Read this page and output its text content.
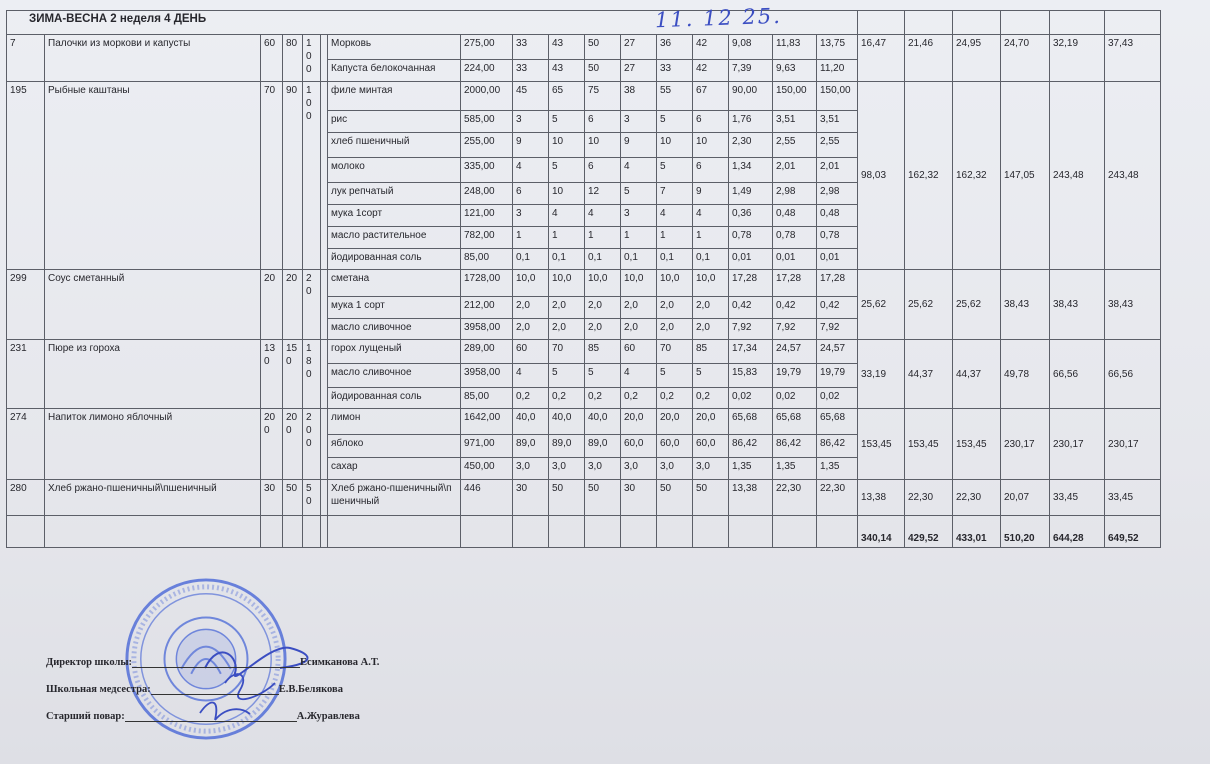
ЗИМА-ВЕСНА 2 неделя 4 ДЕНЬ																						
7	Палочки из моркови и капусты	60	80	100		Морковь	275,00	33	43	50	27	36	42	9,08	11,83	13,75	16,47	21,46	24,95	24,70	32,19	37,43
						Капуста белокочанная	224,00	33	43	50	27	33	42	7,39	9,63	11,20						
195	Рыбные каштаны	70	90	100		филе минтая	2000,00	45	65	75	38	55	67	90,00	150,00	150,00	98,03	162,32	162,32	147,05	243,48	243,48
						рис	585,00	3	5	6	3	5	6	1,76	3,51	3,51						
						хлеб пшеничный	255,00	9	10	10	9	10	10	2,30	2,55	2,55						
						молоко	335,00	4	5	6	4	5	6	1,34	2,01	2,01						
						лук репчатый	248,00	6	10	12	5	7	9	1,49	2,98	2,98						
						мука 1сорт	121,00	3	4	4	3	4	4	0,36	0,48	0,48						
						масло растительное	782,00	1	1	1	1	1	1	0,78	0,78	0,78						
						йодированная соль	85,00	0,1	0,1	0,1	0,1	0,1	0,1	0,01	0,01	0,01						
299	Соус сметанный	20	20	20		сметана	1728,00	10,0	10,0	10,0	10,0	10,0	10,0	17,28	17,28	17,28	25,62	25,62	25,62	38,43	38,43	38,43
						мука 1 сорт	212,00	2,0	2,0	2,0	2,0	2,0	2,0	0,42	0,42	0,42						
						масло сливочное	3958,00	2,0	2,0	2,0	2,0	2,0	2,0	7,92	7,92	7,92						
231	Пюре из гороха	130	150	180		горох лущеный	289,00	60	70	85	60	70	85	17,34	24,57	24,57	33,19	44,37	44,37	49,78	66,56	66,56
						масло сливочное	3958,00	4	5	5	4	5	5	15,83	19,79	19,79						
						йодированная соль	85,00	0,2	0,2	0,2	0,2	0,2	0,2	0,02	0,02	0,02						
274	Напиток лимоно яблочный	200	200	200		лимон	1642,00	40,0	40,0	40,0	20,0	20,0	20,0	65,68	65,68	65,68	153,45	153,45	153,45	230,17	230,17	230,17
						яблоко	971,00	89,0	89,0	89,0	60,0	60,0	60,0	86,42	86,42	86,42						
						сахар	450,00	3,0	3,0	3,0	3,0	3,0	3,0	1,35	1,35	1,35						
280	Хлеб ржано-пшеничный\пшеничный	30	50	50		Хлеб ржано-пшеничный\пшеничный	446	30	50	50	30	50	50	13,38	22,30	22,30	13,38	22,30	22,30	20,07	33,45	33,45
																	340,14	429,52	433,01	510,20	644,28	649,52
11. 12 25.
Директор школы:	Есимканова А.Т.
Школьная медсестра:	Е.В.Белякова
Старший повар:	А.Журавлева
